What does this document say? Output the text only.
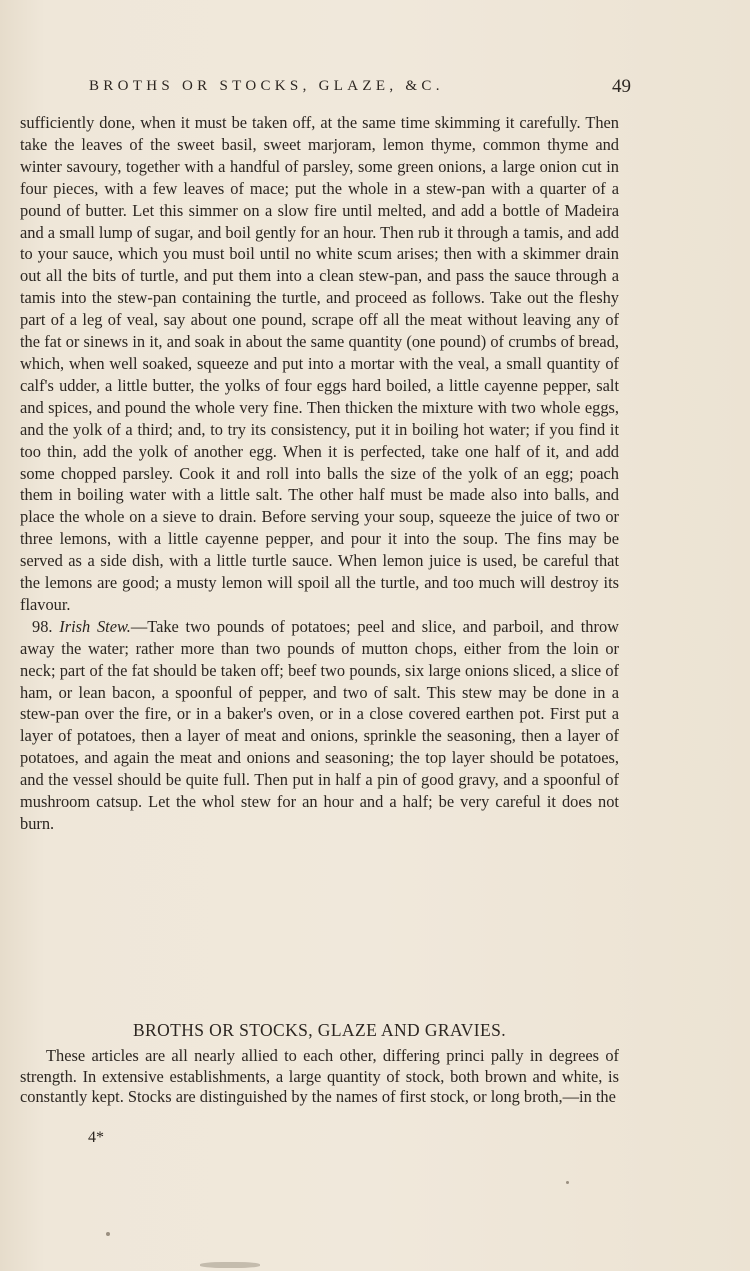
BROTHS OR STOCKS, GLAZE, &C.	49

sufficiently done, when it must be taken off, at the same time skimming it carefully. Then take the leaves of the sweet basil, sweet marjoram, lemon thyme, common thyme and winter savoury, together with a handful of parsley, some green onions, a large onion cut in four pieces, with a few leaves of mace; put the whole in a stew-pan with a quarter of a pound of butter. Let this simmer on a slow fire until melted, and add a bottle of Madeira and a small lump of sugar, and boil gently for an hour. Then rub it through a tamis, and add to your sauce, which you must boil until no white scum arises; then with a skimmer drain out all the bits of turtle, and put them into a clean stew-pan, and pass the sauce through a tamis into the stew-pan containing the turtle, and proceed as follows. Take out the fleshy part of a leg of veal, say about one pound, scrape off all the meat without leaving any of the fat or sinews in it, and soak in about the same quantity (one pound) of crumbs of bread, which, when well soaked, squeeze and put into a mortar with the veal, a small quantity of calf's udder, a little butter, the yolks of four eggs hard boiled, a little cayenne pepper, salt and spices, and pound the whole very fine. Then thicken the mixture with two whole eggs, and the yolk of a third; and, to try its consistency, put it in boiling hot water; if you find it too thin, add the yolk of another egg. When it is perfected, take one half of it, and add some chopped parsley. Cook it and roll into balls the size of the yolk of an egg; poach them in boiling water with a little salt. The other half must be made also into balls, and place the whole on a sieve to drain. Before serving your soup, squeeze the juice of two or three lemons, with a little cayenne pepper, and pour it into the soup. The fins may be served as a side dish, with a little turtle sauce. When lemon juice is used, be careful that the lemons are good; a musty lemon will spoil all the turtle, and too much will destroy its flavour.

98. Irish Stew.—Take two pounds of potatoes; peel and slice, and parboil, and throw away the water; rather more than two pounds of mutton chops, either from the loin or neck; part of the fat should be taken off; beef two pounds, six large onions sliced, a slice of ham, or lean bacon, a spoonful of pepper, and two of salt. This stew may be done in a stew-pan over the fire, or in a baker's oven, or in a close covered earthen pot. First put a layer of potatoes, then a layer of meat and onions, sprinkle the seasoning, then a layer of potatoes, and again the meat and onions and seasoning; the top layer should be potatoes, and the vessel should be quite full. Then put in half a pin of good gravy, and a spoonful of mushroom catsup. Let the whol stew for an hour and a half; be very careful it does not burn.

BROTHS OR STOCKS, GLAZE AND GRAVIES.
These articles are all nearly allied to each other, differing princi pally in degrees of strength. In extensive establishments, a large quantity of stock, both brown and white, is constantly kept. Stocks are distinguished by the names of first stock, or long broth,—in the
4*
